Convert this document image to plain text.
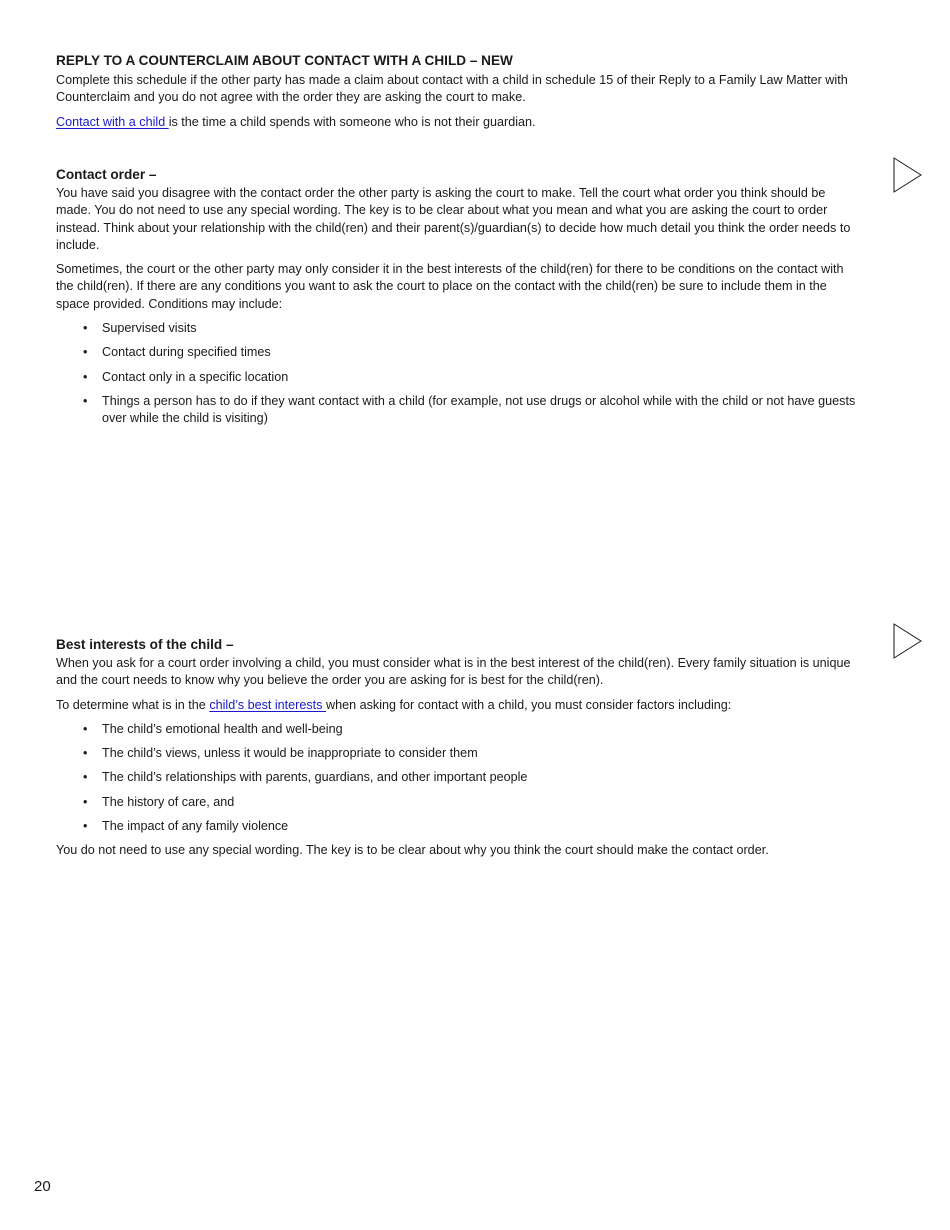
REPLY TO A COUNTERCLAIM ABOUT CONTACT WITH A CHILD – NEW

Complete this schedule if the other party has made a claim about contact with a child in schedule 15 of their Reply to a Family Law Matter with Counterclaim and you do not agree with the order they are asking the court to make.

Contact with a child is the time a child spends with someone who is not their guardian.

Contact order –

You have said you disagree with the contact order the other party is asking the court to make. Tell the court what order you think should be made. You do not need to use any special wording. The key is to be clear about what you mean and what you are asking the court to order instead. Think about your relationship with the child(ren) and their parent(s)/guardian(s) to decide how much detail you think the order needs to include.

Sometimes, the court or the other party may only consider it in the best interests of the child(ren) for there to be conditions on the contact with the child(ren). If there are any conditions you want to ask the court to place on the contact with the child(ren) be sure to include them in the space provided. Conditions may include:

• Supervised visits
• Contact during specified times
• Contact only in a specific location
• Things a person has to do if they want contact with a child (for example, not use drugs or alcohol while with the child or not have guests over while the child is visiting)
Best interests of the child –

When you ask for a court order involving a child, you must consider what is in the best interest of the child(ren). Every family situation is unique and the court needs to know why you believe the order you are asking for is best for the child(ren).

To determine what is in the child’s best interests when asking for contact with a child, you must consider factors including:

• The child’s emotional health and well-being
• The child’s views, unless it would be inappropriate to consider them
• The child’s relationships with parents, guardians, and other important people
• The history of care, and
• The impact of any family violence

You do not need to use any special wording. The key is to be clear about why you think the court should make the contact order.

20
